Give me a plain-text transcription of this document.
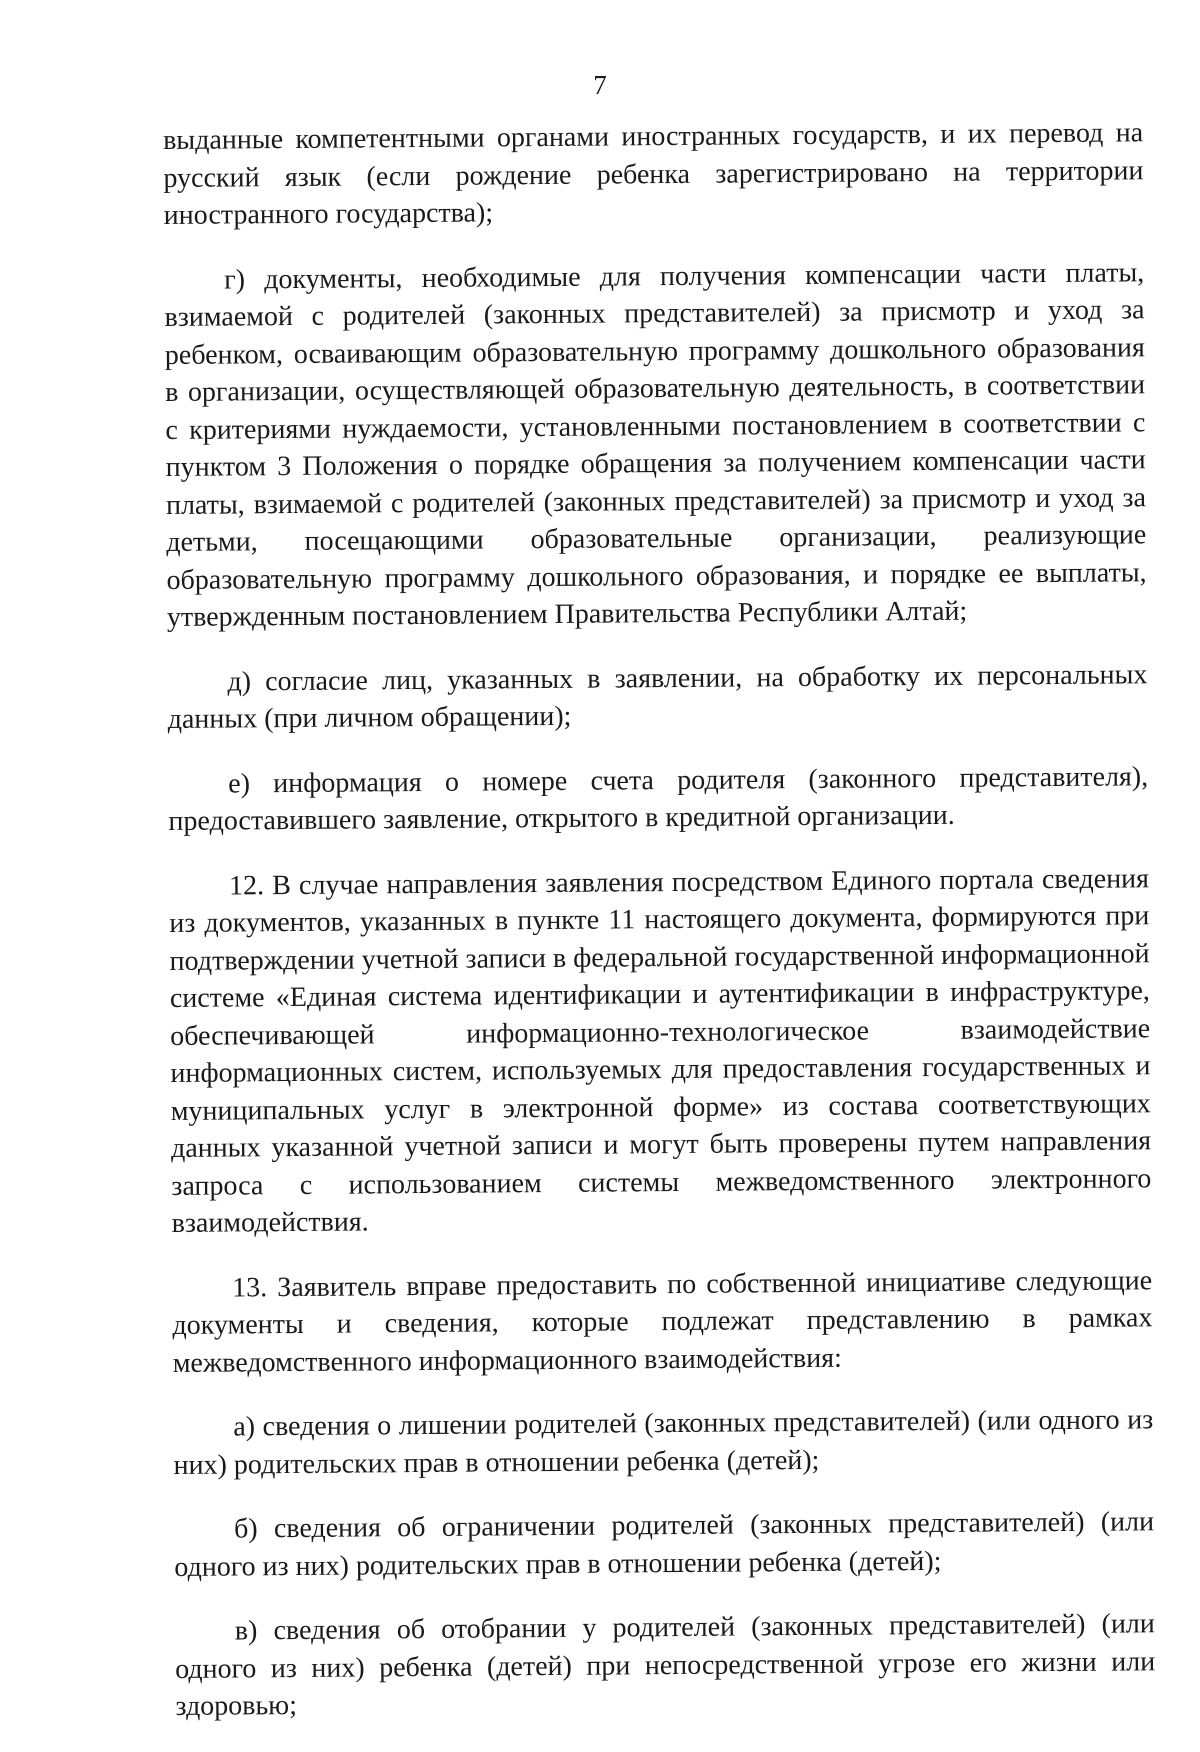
7

выданные компетентными органами иностранных государств, и их перевод на русский язык (если рождение ребенка зарегистрировано на территории иностранного государства);

г) документы, необходимые для получения компенсации части платы, взимаемой с родителей (законных представителей) за присмотр и уход за ребенком, осваивающим образовательную программу дошкольного образования в организации, осуществляющей образовательную деятельность, в соответствии с критериями нуждаемости, установленными постановлением в соответствии с пунктом 3 Положения о порядке обращения за получением компенсации части платы, взимаемой с родителей (законных представителей) за присмотр и уход за детьми, посещающими образовательные организации, реализующие образовательную программу дошкольного образования, и порядке ее выплаты, утвержденным постановлением Правительства Республики Алтай;

д) согласие лиц, указанных в заявлении, на обработку их персональных данных (при личном обращении);

е) информация о номере счета родителя (законного представителя), предоставившего заявление, открытого в кредитной организации.

12. В случае направления заявления посредством Единого портала сведения из документов, указанных в пункте 11 настоящего документа, формируются при подтверждении учетной записи в федеральной государственной информационной системе «Единая система идентификации и аутентификации в инфраструктуре, обеспечивающей информационно-технологическое взаимодействие информационных систем, используемых для предоставления государственных и муниципальных услуг в электронной форме» из состава соответствующих данных указанной учетной записи и могут быть проверены путем направления запроса с использованием системы межведомственного электронного взаимодействия.

13. Заявитель вправе предоставить по собственной инициативе следующие документы и сведения, которые подлежат представлению в рамках межведомственного информационного взаимодействия:

а) сведения о лишении родителей (законных представителей) (или одного из них) родительских прав в отношении ребенка (детей);

б) сведения об ограничении родителей (законных представителей) (или одного из них) родительских прав в отношении ребенка (детей);

в) сведения об отобрании у родителей (законных представителей) (или одного из них) ребенка (детей) при непосредственной угрозе его жизни или здоровью;
